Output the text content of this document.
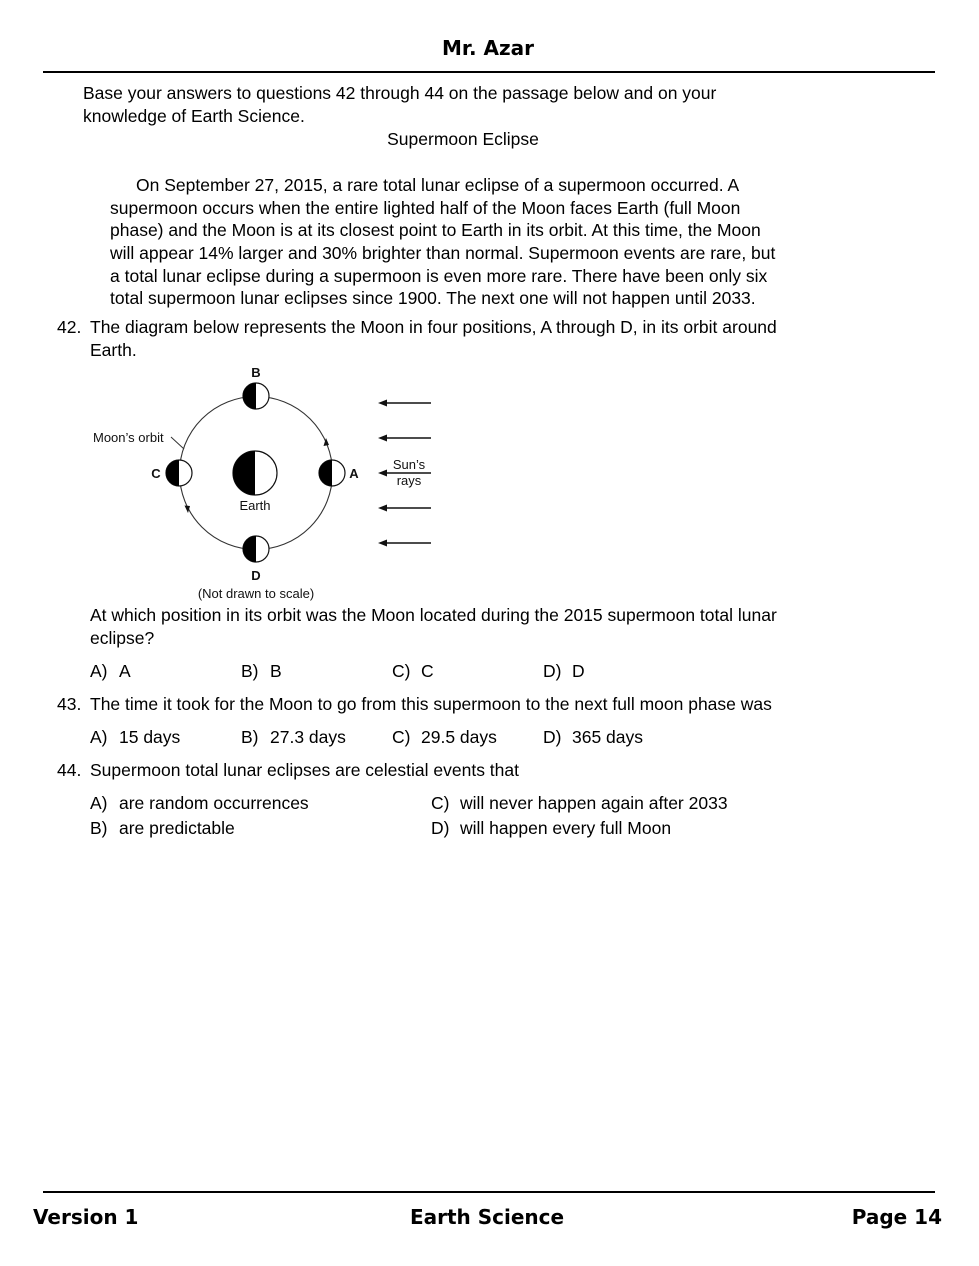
Mr. Azar
Base your answers to questions 42 through 44 on the passage below and on your
knowledge of Earth Science.
Supermoon Eclipse
On September 27, 2015, a rare total lunar eclipse of a supermoon occurred. A
supermoon occurs when the entire lighted half of the Moon faces Earth (full Moon
phase) and the Moon is at its closest point to Earth in its orbit. At this time, the Moon
will appear 14% larger and 30% brighter than normal. Supermoon events are rare, but
a total lunar eclipse during a supermoon is even more rare. There have been only six
total supermoon lunar eclipses since 1900. The next one will not happen until 2033.
42. The diagram below represents the Moon in four positions, A through D, in its orbit around
Earth.
B
C	A
D
Moon’s orbit
Earth
Sun’s
rays
(Not drawn to scale)
At which position in its orbit was the Moon located during the 2015 supermoon total lunar
eclipse?
A) A	B) B	C) C	D) D
43. The time it took for the Moon to go from this supermoon to the next full moon phase was
A) 15 days	B) 27.3 days	C) 29.5 days	D) 365 days
44. Supermoon total lunar eclipses are celestial events that
A) are random occurrences
B) are predictable
C) will never happen again after 2033
D) will happen every full Moon
Version 1	Earth Science	Page 14
